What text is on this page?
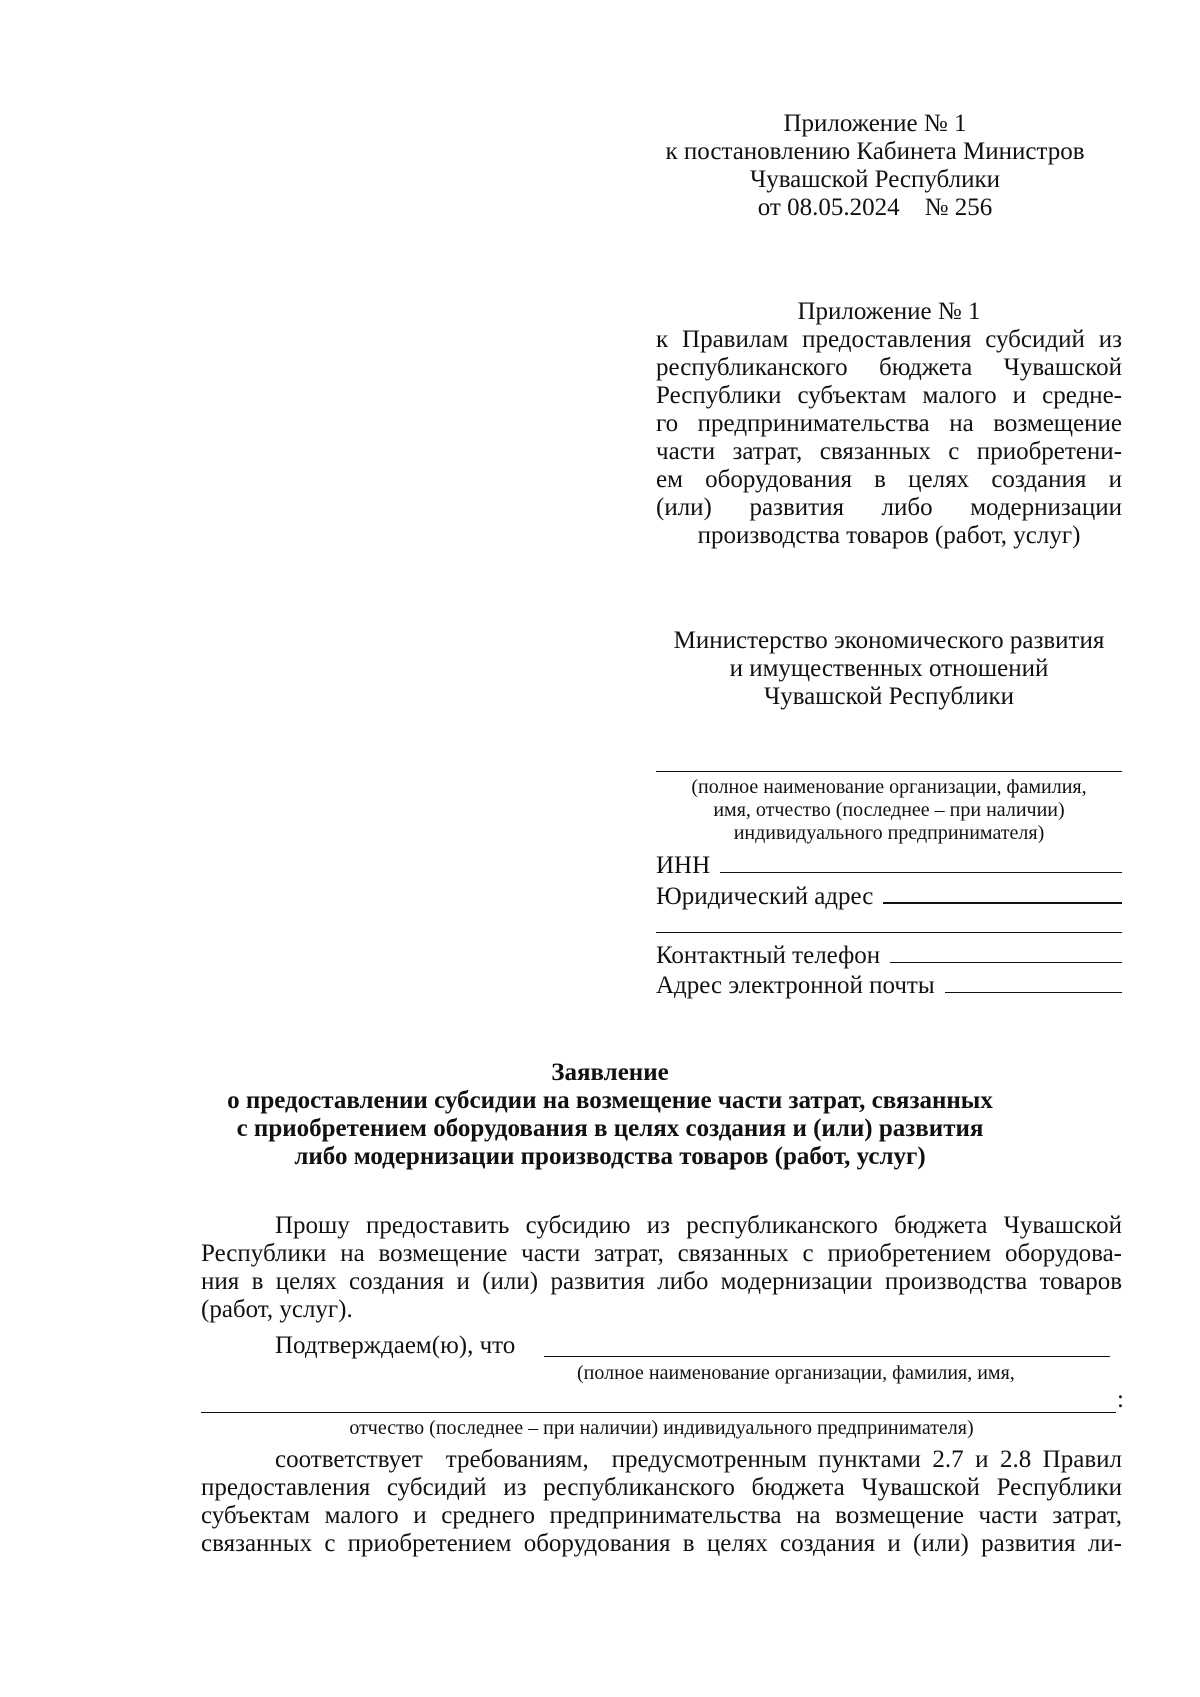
Приложение № 1
к постановлению Кабинета Министров
Чувашской Республики
от 08.05.2024    № 256
Приложение № 1
к Правилам предоставления субсидий из
республиканского бюджета Чувашской
Республики субъектам малого и средне-
го предпринимательства на возмещение
части затрат, связанных с приобретени-
ем оборудования в целях создания и
(или) развития либо модернизации
производства товаров (работ, услуг)
Министерство экономического развития
и имущественных отношений
Чувашской Республики
(полное наименование организации, фамилия,
имя, отчество (последнее – при наличии)
индивидуального предпринимателя)
ИНН
Юридический адрес
Контактный телефон
Адрес электронной почты
Заявление
о предоставлении субсидии на возмещение части затрат, связанных
с приобретением оборудования в целях создания и (или) развития
либо модернизации производства товаров (работ, услуг)
Прошу предоставить субсидию из республиканского бюджета Чувашской
Республики на возмещение части затрат, связанных с приобретением оборудова-
ния в целях создания и (или) развития либо модернизации производства товаров
(работ, услуг).
Подтверждаем(ю), что
(полное наименование организации, фамилия, имя,
:
отчество (последнее – при наличии) индивидуального предпринимателя)
соответствует  требованиям,  предусмотренным пунктами 2.7 и 2.8 Правил
предоставления субсидий из республиканского бюджета Чувашской Республики
субъектам малого и среднего предпринимательства на возмещение части затрат,
связанных с приобретением оборудования в целях создания и (или) развития ли-
